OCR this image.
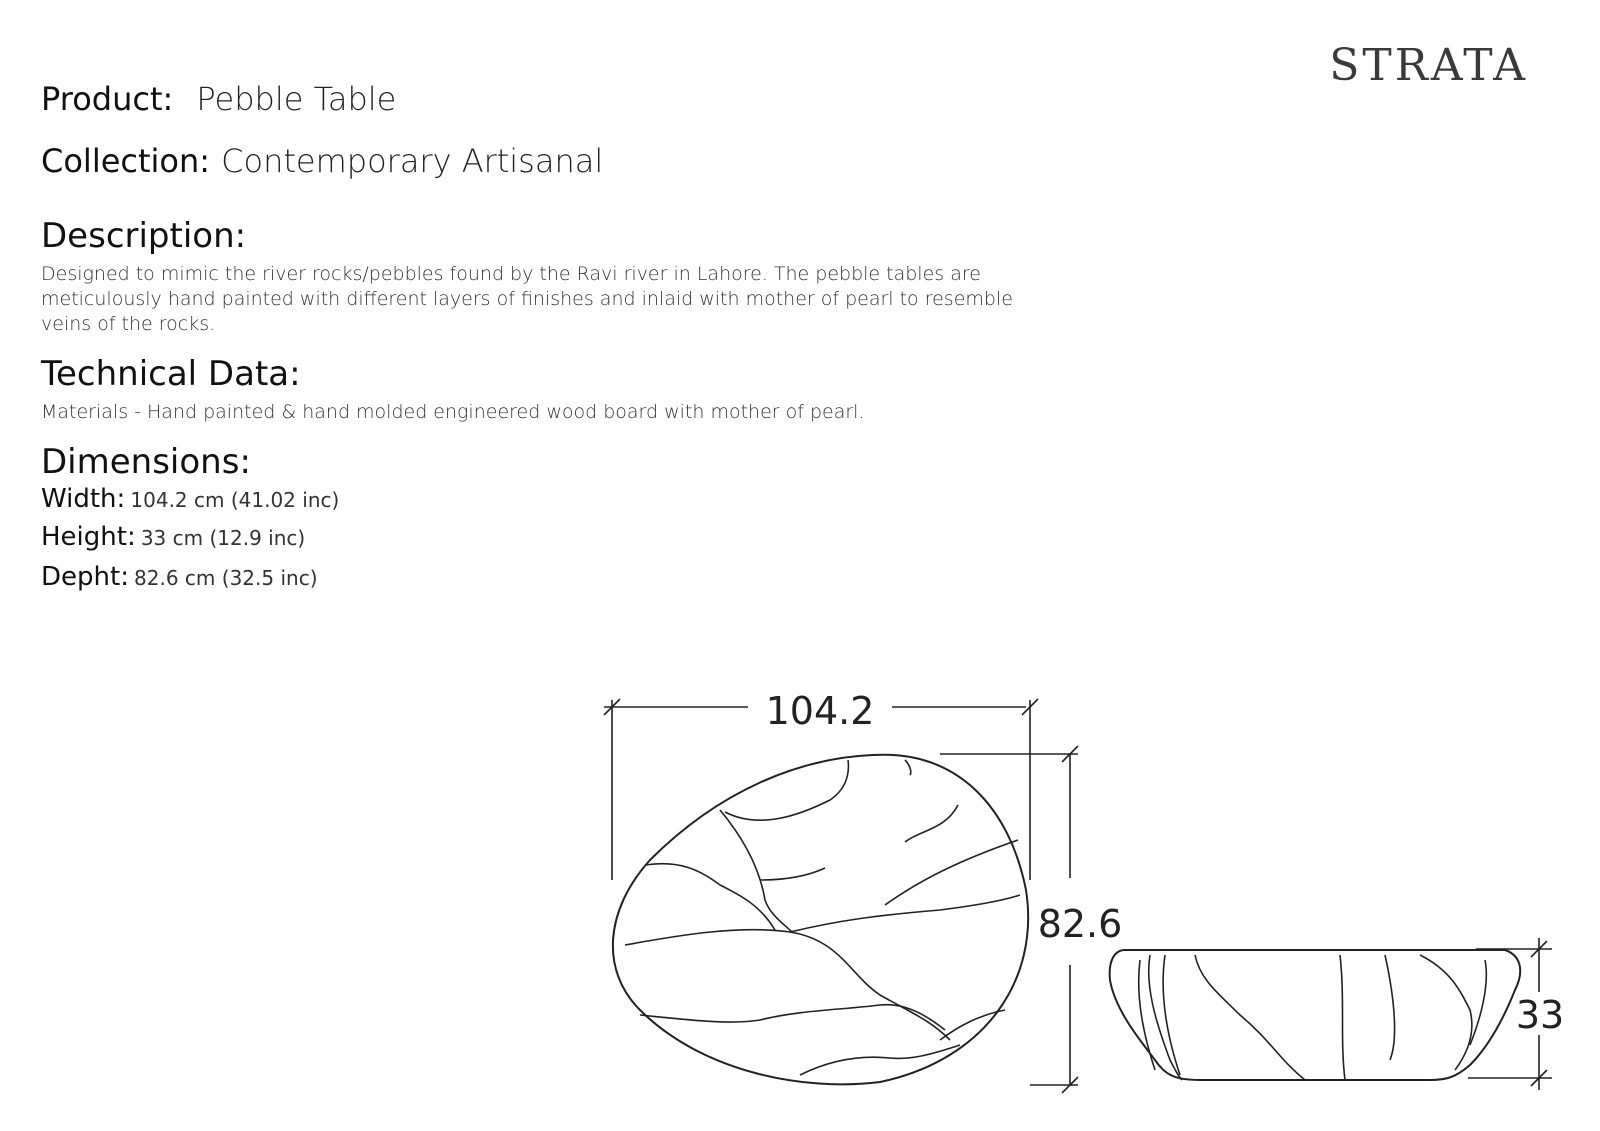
STRATA
Product: Pebble Table
Collection: Contemporary Artisanal
Description:
Designed to mimic the river rocks/pebbles found by the Ravi river in Lahore. The pebble tables are
meticulously hand painted with different layers of finishes and inlaid with mother of pearl to resemble
veins of the rocks.
Technical Data:
Materials - Hand painted & hand molded engineered wood board with mother of pearl.
Dimensions:
Width: 104.2 cm (41.02 inc)
Height: 33 cm (12.9 inc)
Depht: 82.6 cm (32.5 inc)
104.2
82.6
33
